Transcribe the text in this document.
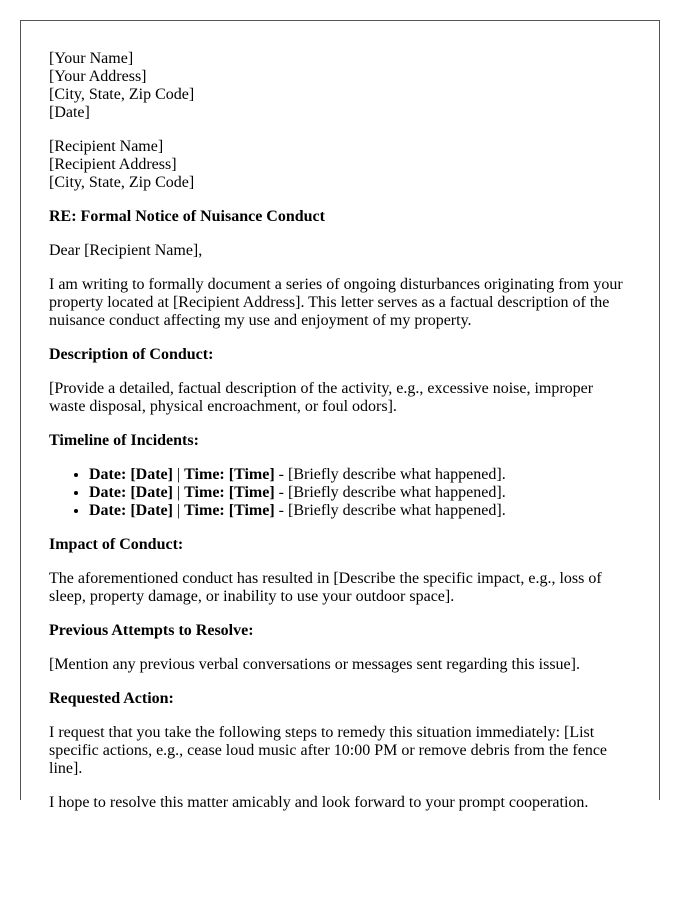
[Your Name]
[Your Address]
[City, State, Zip Code]
[Date]
[Recipient Name]
[Recipient Address]
[City, State, Zip Code]
RE: Formal Notice of Nuisance Conduct
Dear [Recipient Name],
I am writing to formally document a series of ongoing disturbances originating from your
property located at [Recipient Address]. This letter serves as a factual description of the
nuisance conduct affecting my use and enjoyment of my property.
Description of Conduct:
[Provide a detailed, factual description of the activity, e.g., excessive noise, improper
waste disposal, physical encroachment, or foul odors].
Timeline of Incidents:
• Date: [Date] | Time: [Time] - [Briefly describe what happened].
• Date: [Date] | Time: [Time] - [Briefly describe what happened].
• Date: [Date] | Time: [Time] - [Briefly describe what happened].
Impact of Conduct:
The aforementioned conduct has resulted in [Describe the specific impact, e.g., loss of
sleep, property damage, or inability to use your outdoor space].
Previous Attempts to Resolve:
[Mention any previous verbal conversations or messages sent regarding this issue].
Requested Action:
I request that you take the following steps to remedy this situation immediately: [List
specific actions, e.g., cease loud music after 10:00 PM or remove debris from the fence
line].
I hope to resolve this matter amicably and look forward to your prompt cooperation.
